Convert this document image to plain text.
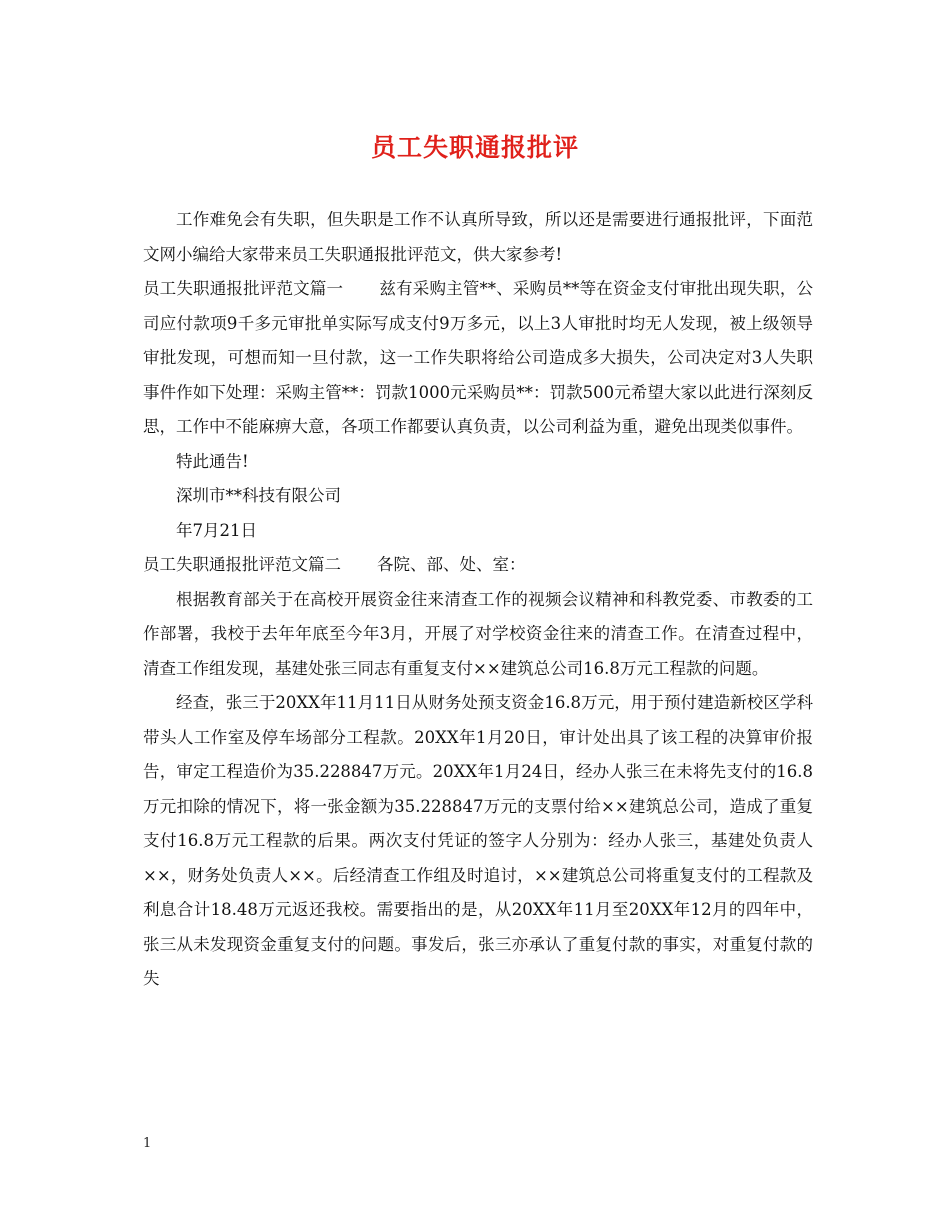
员工失职通报批评

工作难免会有失职，但失职是工作不认真所导致，所以还是需要进行通报批评，下面范文网小编给大家带来员工失职通报批评范文，供大家参考!

员工失职通报批评范文篇一 兹有采购主管**、采购员**等在资金支付审批出现失职，公司应付款项9千多元审批单实际写成支付9万多元，以上3人审批时均无人发现，被上级领导审批发现，可想而知一旦付款，这一工作失职将给公司造成多大损失，公司决定对3人失职事件作如下处理：采购主管**：罚款1000元采购员**：罚款500元希望大家以此进行深刻反思，工作中不能麻痹大意，各项工作都要认真负责，以公司利益为重，避免出现类似事件。

特此通告!

深圳市**科技有限公司

年7月21日

员工失职通报批评范文篇二 各院、部、处、室：

根据教育部关于在高校开展资金往来清查工作的视频会议精神和科教党委、市教委的工作部署，我校于去年年底至今年3月，开展了对学校资金往来的清查工作。在清查过程中，清查工作组发现，基建处张三同志有重复支付××建筑总公司16.8万元工程款的问题。

经查，张三于20XX年11月11日从财务处预支资金16.8万元，用于预付建造新校区学科带头人工作室及停车场部分工程款。20XX年1月20日，审计处出具了该工程的决算审价报告，审定工程造价为35.228847万元。20XX年1月24日，经办人张三在未将先支付的16.8万元扣除的情况下，将一张金额为35.228847万元的支票付给××建筑总公司，造成了重复支付16.8万元工程款的后果。两次支付凭证的签字人分别为：经办人张三，基建处负责人××，财务处负责人××。后经清查工作组及时追讨，××建筑总公司将重复支付的工程款及利息合计18.48万元返还我校。需要指出的是，从20XX年11月至20XX年12月的四年中，张三从未发现资金重复支付的问题。事发后，张三亦承认了重复付款的事实，对重复付款的失

1
